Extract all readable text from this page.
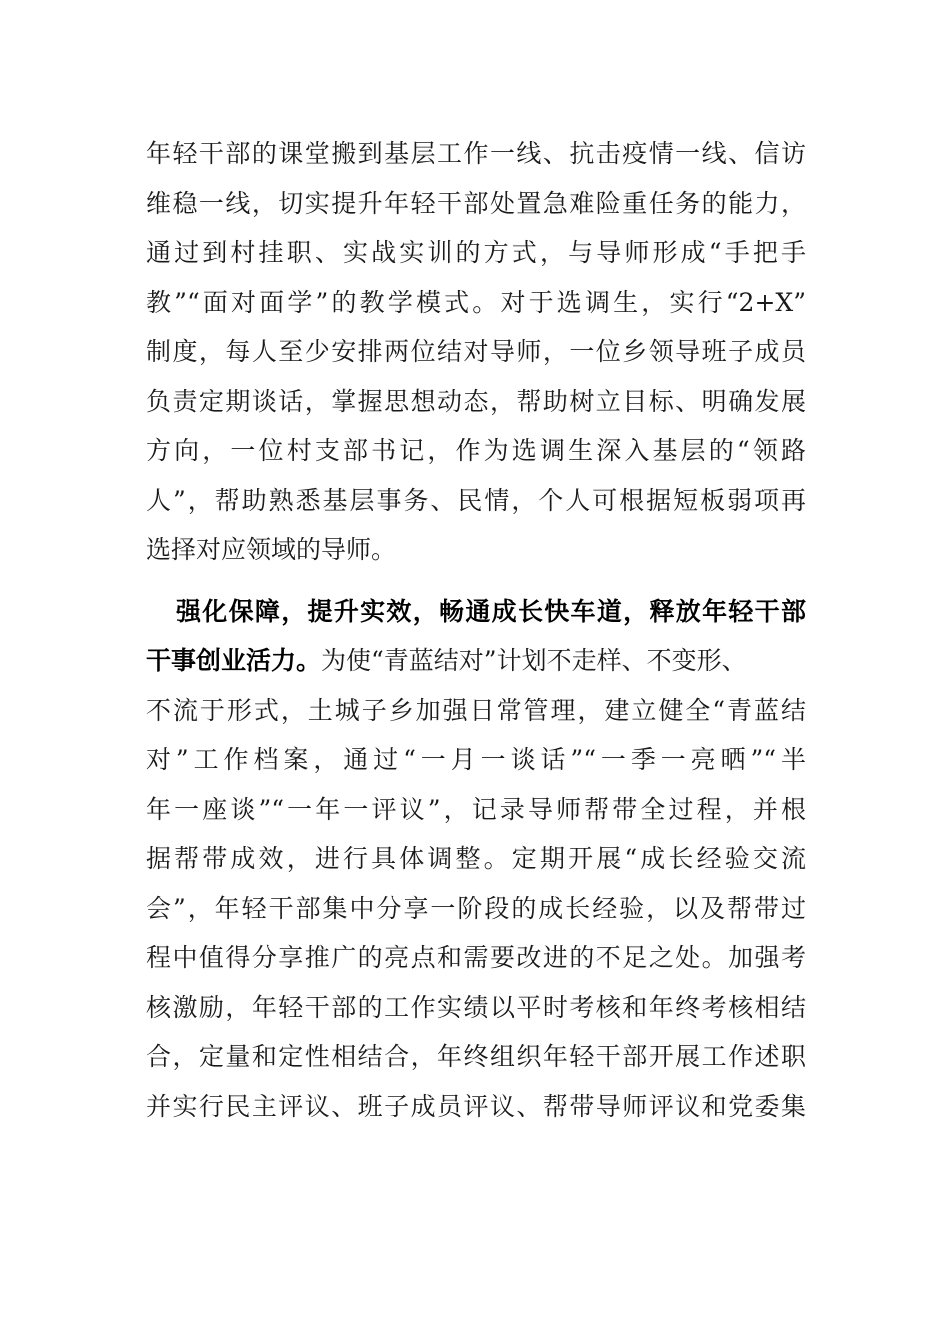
年轻干部的课堂搬到基层工作一线、抗击疫情一线、信访
维稳一线，切实提升年轻干部处置急难险重任务的能力，
通过到村挂职、实战实训的方式，与导师形成“手把手
教”“面对面学”的教学模式。对于选调生，实行“2+X”
制度，每人至少安排两位结对导师，一位乡领导班子成员
负责定期谈话，掌握思想动态，帮助树立目标、明确发展
方向，一位村支部书记，作为选调生深入基层的“领路
人”，帮助熟悉基层事务、民情，个人可根据短板弱项再
选择对应领域的导师。
强化保障，提升实效，畅通成长快车道，释放年轻干部
干事创业活力。为使“青蓝结对”计划不走样、不变形、
不流于形式，土城子乡加强日常管理，建立健全“青蓝结
对”工作档案，通过“一月一谈话”“一季一亮晒”“半
年一座谈”“一年一评议”，记录导师帮带全过程，并根
据帮带成效，进行具体调整。定期开展“成长经验交流
会”，年轻干部集中分享一阶段的成长经验，以及帮带过
程中值得分享推广的亮点和需要改进的不足之处。加强考
核激励，年轻干部的工作实绩以平时考核和年终考核相结
合，定量和定性相结合，年终组织年轻干部开展工作述职
并实行民主评议、班子成员评议、帮带导师评议和党委集
